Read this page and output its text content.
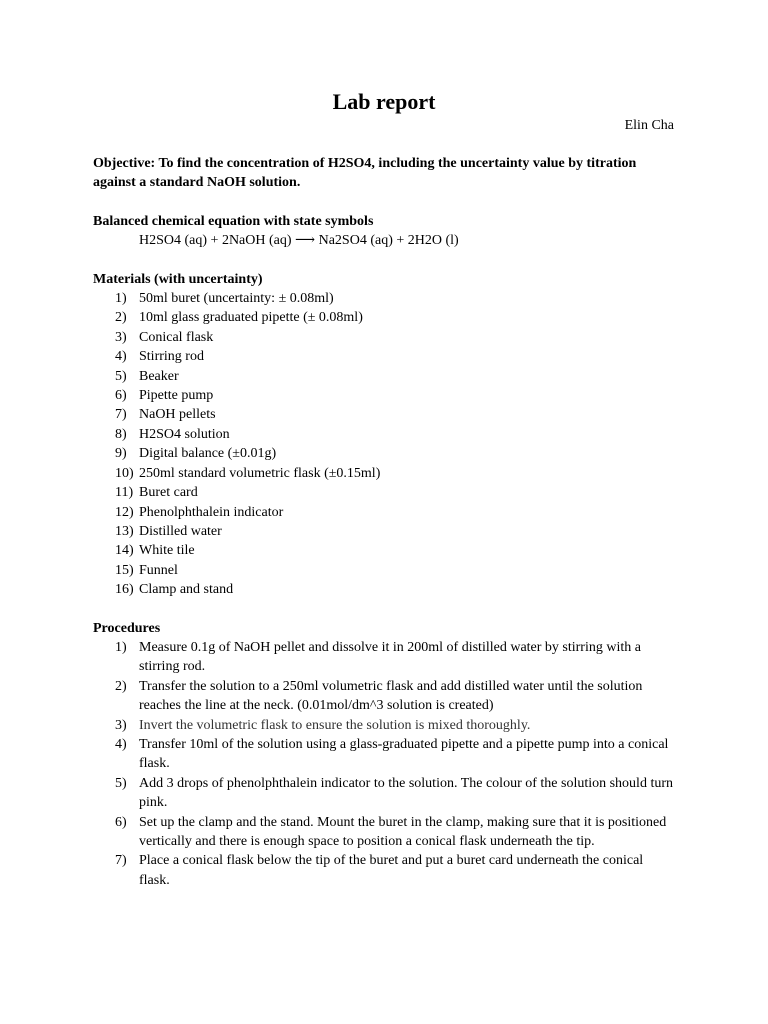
Lab report
Elin Cha

Objective: To find the concentration of H2SO4, including the uncertainty value by titration against a standard NaOH solution.

Balanced chemical equation with state symbols

H2SO4 (aq) + 2NaOH (aq) ⟶ Na2SO4 (aq) + 2H2O (l)

Materials (with uncertainty)

1) 50ml buret (uncertainty: ± 0.08ml)
2) 10ml glass graduated pipette (± 0.08ml)
3) Conical flask
4) Stirring rod
5) Beaker
6) Pipette pump
7) NaOH pellets
8) H2SO4 solution
9) Digital balance (±0.01g)
10) 250ml standard volumetric flask (±0.15ml)
11) Buret card
12) Phenolphthalein indicator
13) Distilled water
14) White tile
15) Funnel
16) Clamp and stand

Procedures

1) Measure 0.1g of NaOH pellet and dissolve it in 200ml of distilled water by stirring with a stirring rod.
2) Transfer the solution to a 250ml volumetric flask and add distilled water until the solution reaches the line at the neck. (0.01mol/dm^3 solution is created)
3) Invert the volumetric flask to ensure the solution is mixed thoroughly.
4) Transfer 10ml of the solution using a glass-graduated pipette and a pipette pump into a conical flask.
5) Add 3 drops of phenolphthalein indicator to the solution. The colour of the solution should turn pink.
6) Set up the clamp and the stand. Mount the buret in the clamp, making sure that it is positioned vertically and there is enough space to position a conical flask underneath the tip.
7) Place a conical flask below the tip of the buret and put a buret card underneath the conical flask.
